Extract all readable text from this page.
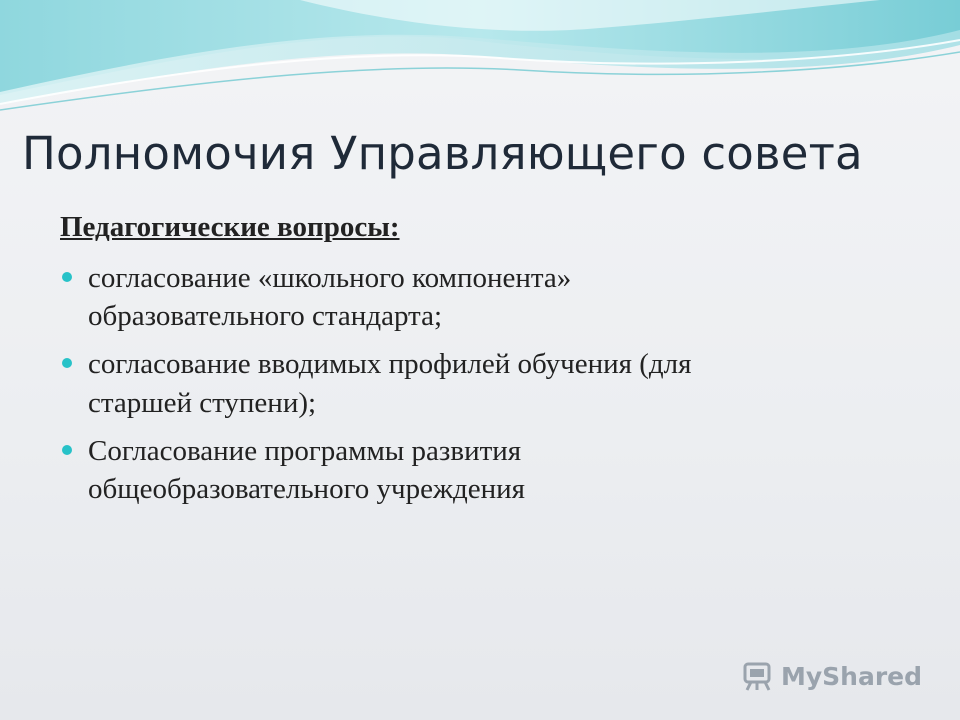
Полномочия Управляющего совета
Педагогические вопросы:
согласование «школьного компонента»
образовательного стандарта;
согласование вводимых профилей обучения (для
старшей ступени);
Согласование программы развития
общеобразовательного учреждения
MyShared
